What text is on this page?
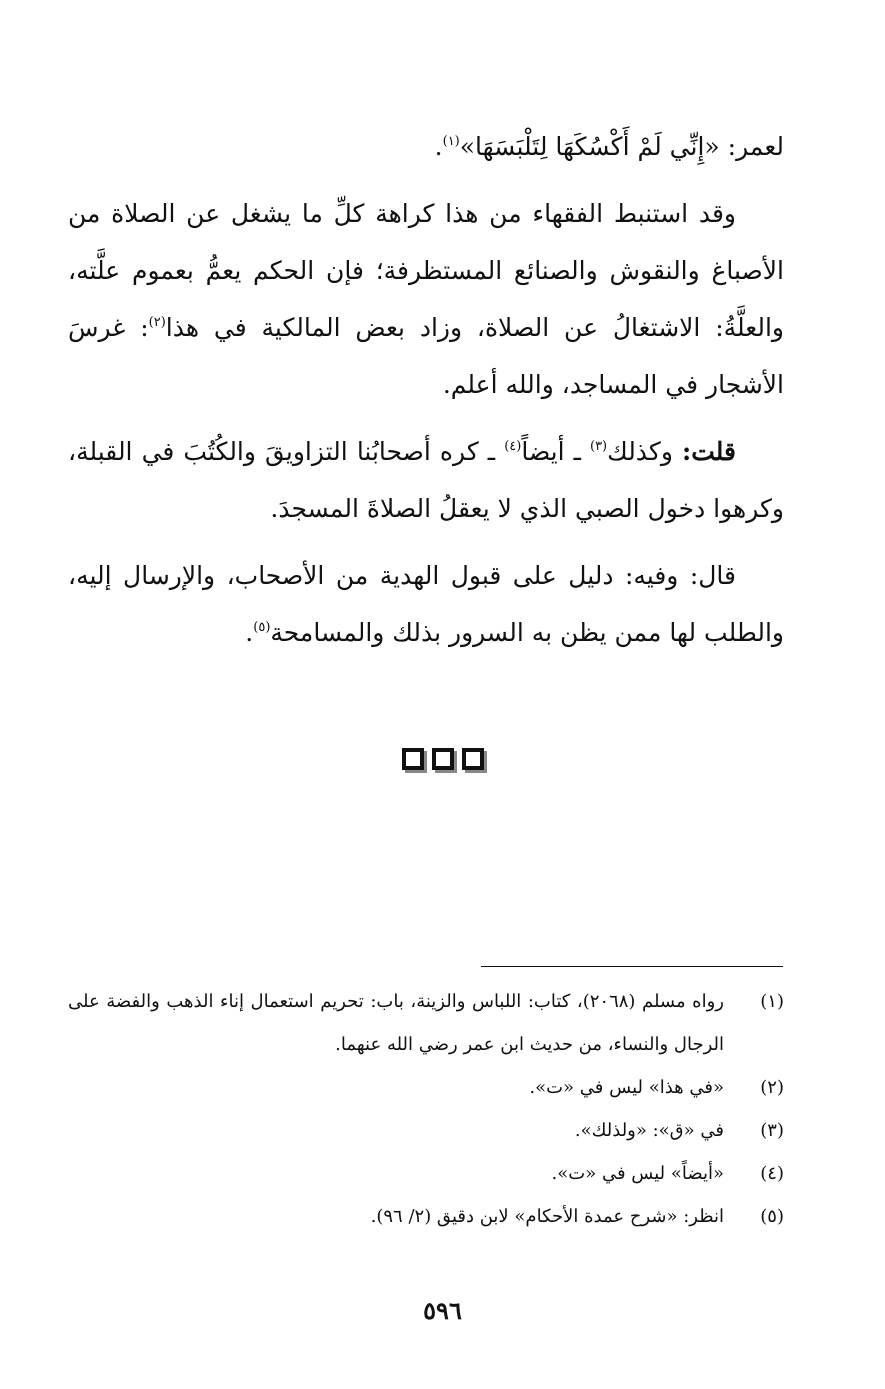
لعمر: «إِنِّي لَمْ أَكْسُكَهَا لِتَلْبَسَهَا»$^{(١)}$.

وقد استنبط الفقهاء من هذا كراهة كلِّ ما يشغل عن الصلاة من الأصباغ والنقوش والصنائع المستظرفة؛ فإن الحكم يعمُّ بعموم علَّته، والعلَّةُ: الاشتغالُ عن الصلاة، وزاد بعض المالكية في هذا$^{(٢)}$: غرسَ الأشجار في المساجد، والله أعلم.

قلت: وكذلك$^{(٣)}$ ـ أيضاً$^{(٤)}$ ـ كره أصحابُنا التزاويقَ والكُتُبَ في القبلة، وكرهوا دخول الصبي الذي لا يعقلُ الصلاةَ المسجدَ.

قال: وفيه: دليل على قبول الهدية من الأصحاب، والإرسال إليه، والطلب لها ممن يظن به السرور بذلك والمسامحة$^{(٥)}$.

(١)
رواه مسلم (٢٠٦٨)، كتاب: اللباس والزينة، باب: تحريم استعمال إناء الذهب والفضة على الرجال والنساء، من حديث ابن عمر رضي الله عنهما.
(٢)
«في هذا» ليس في «ت».
(٣)
في «ق»: «ولذلك».
(٤)
«أيضاً» ليس في «ت».
(٥)
انظر: «شرح عمدة الأحكام» لابن دقيق (٢/ ٩٦).
٥٩٦
